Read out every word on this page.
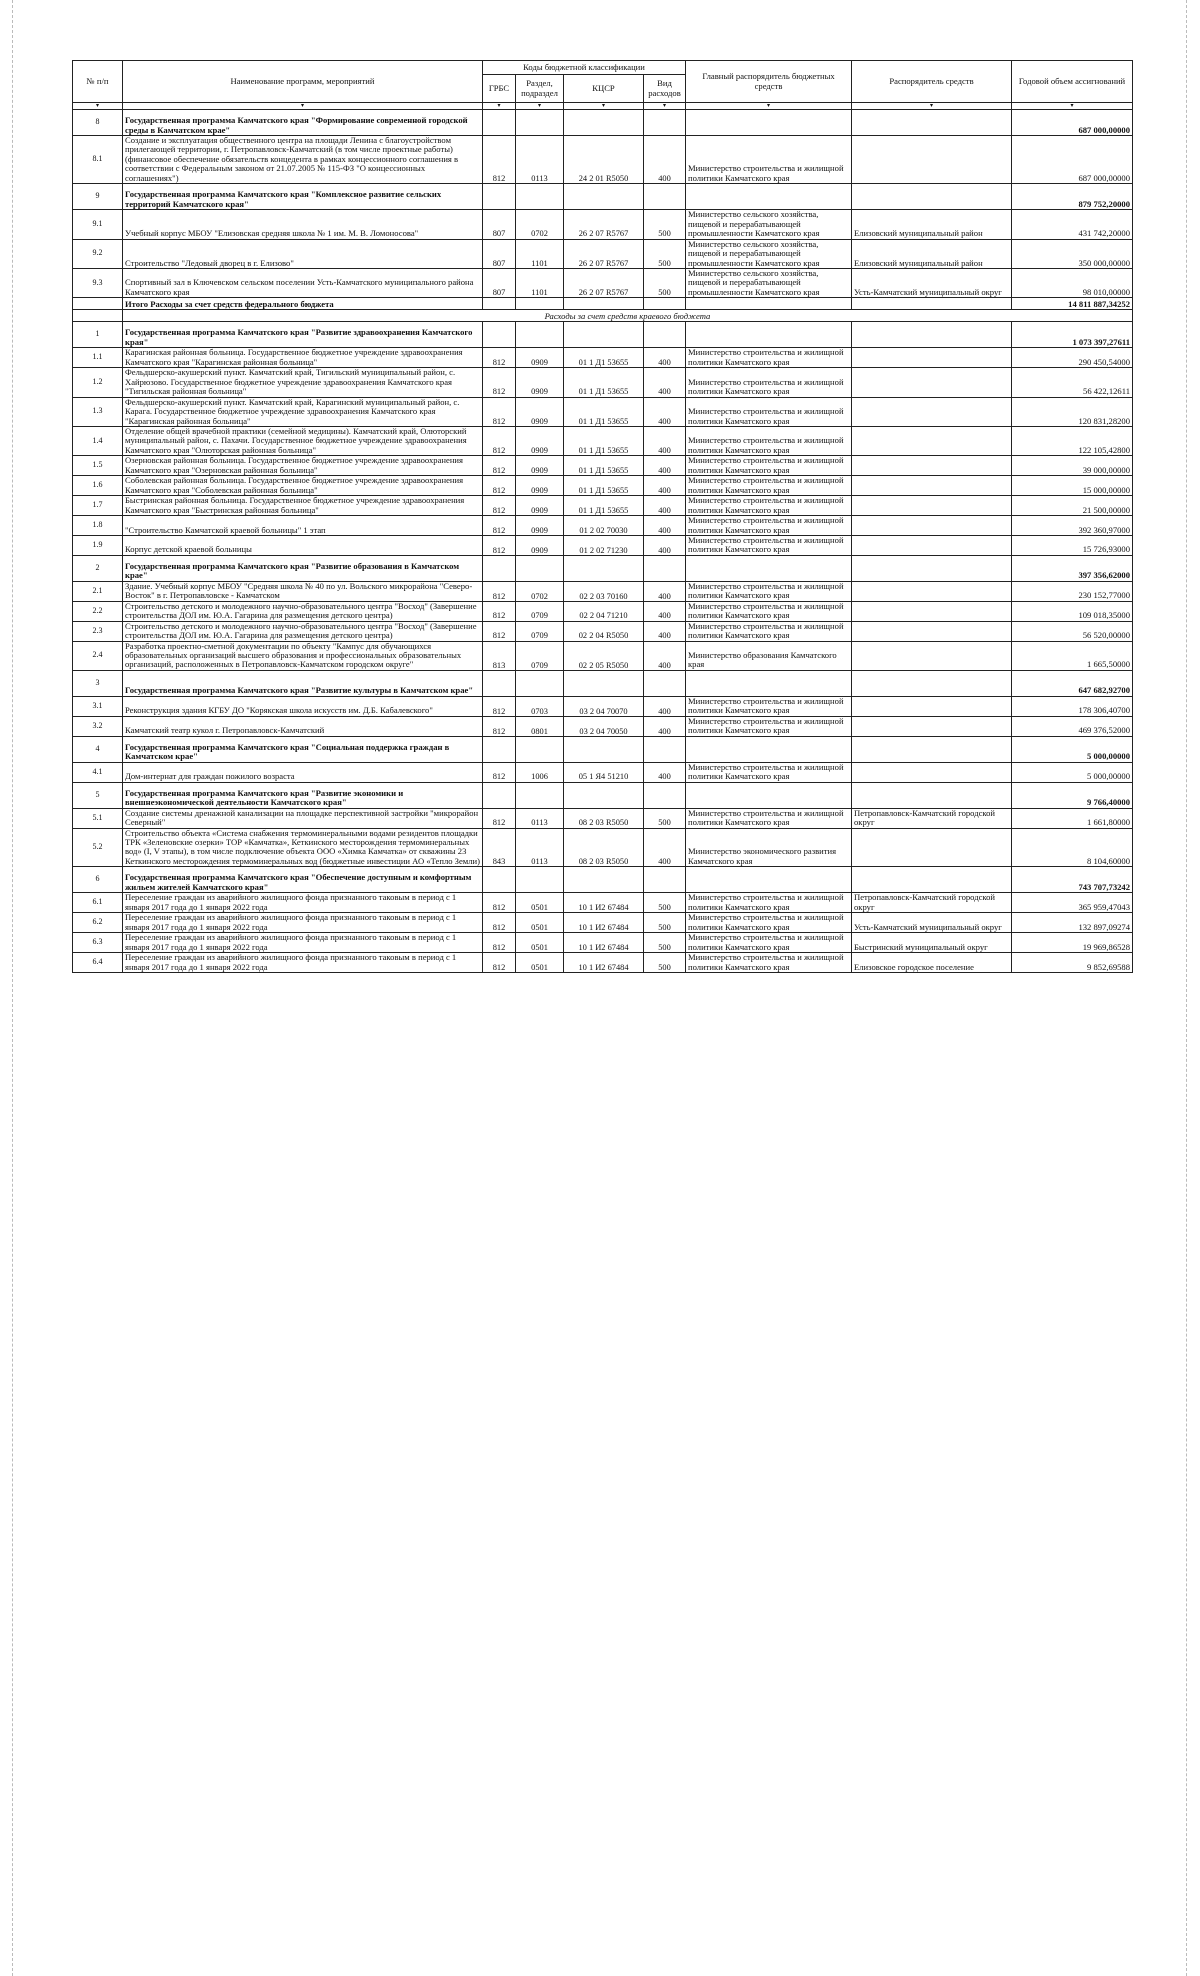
№ п/п	Наименование программ, мероприятий	Коды бюджетной классификации				Главный распорядитель бюджетных средств	Распорядитель средств	Годовой объем ассигнований
		ГРБС	Раздел, подраздел	КЦСР	Вид расходов			
▾	▾	▾	▾	▾	▾	▾	▾	▾
8	Государственная программа Камчатского края "Формирование современной городской среды в Камчатском крае"							687 000,00000
8.1	Создание и эксплуатация общественного центра на площади Ленина с благоустройством прилегающей территории, г. Петропавловск-Камчатский (в том числе проектные работы) (финансовое обеспечение обязательств концедента в рамках концессионного соглашения в соответствии с Федеральным законом от 21.07.2005 № 115-ФЗ "О концессионных соглашениях")	812	0113	24 2 01 R5050	400	Министерство строительства и жилищной политики Камчатского края		687 000,00000
9	Государственная программа Камчатского края "Комплексное развитие сельских территорий Камчатского края"							879 752,20000
9.1	Учебный корпус МБОУ "Елизовская средняя школа № 1 им. М. В. Ломоносова"	807	0702	26 2 07 R5767	500	Министерство сельского хозяйства, пищевой и перерабатывающей промышленности Камчатского края	Елизовский муниципальный район	431 742,20000
9.2	Строительство "Ледовый дворец в г. Елизово"	807	1101	26 2 07 R5767	500	Министерство сельского хозяйства, пищевой и перерабатывающей промышленности Камчатского края	Елизовский муниципальный район	350 000,00000
9.3	Спортивный зал в Ключевском сельском поселении Усть-Камчатского муниципального района Камчатского края	807	1101	26 2 07 R5767	500	Министерство сельского хозяйства, пищевой и перерабатывающей промышленности Камчатского края	Усть-Камчатский муниципальный округ	98 010,00000
	Итого Расходы за счет средств федерального бюджета							14 811 887,34252
	Расходы за счет средств краевого бюджета							
1	Государственная программа Камчатского края "Развитие здравоохранения Камчатского края"							1 073 397,27611
1.1	Карагинская районная больница. Государственное бюджетное учреждение здравоохранения Камчатского края "Карагинская районная больница"	812	0909	01 1 Д1 53655	400	Министерство строительства и жилищной политики Камчатского края		290 450,54000
1.2	Фельдшерско-акушерский пункт. Камчатский край, Тигильский муниципальный район, с. Хайрюзово. Государственное бюджетное учреждение здравоохранения Камчатского края "Тигильская районная больница"	812	0909	01 1 Д1 53655	400	Министерство строительства и жилищной политики Камчатского края		56 422,12611
1.3	Фельдшерско-акушерский пункт. Камчатский край, Карагинский муниципальный район, с. Карага. Государственное бюджетное учреждение здравоохранения Камчатского края "Карагинская районная больница"	812	0909	01 1 Д1 53655	400	Министерство строительства и жилищной политики Камчатского края		120 831,28200
1.4	Отделение общей врачебной практики (семейной медицины). Камчатский край, Олюторский муниципальный район, с. Пахачи. Государственное бюджетное учреждение здравоохранения Камчатского края "Олюторская районная больница"	812	0909	01 1 Д1 53655	400	Министерство строительства и жилищной политики Камчатского края		122 105,42800
1.5	Озерновская районная больница. Государственное бюджетное учреждение здравоохранения Камчатского края "Озерновская районная больница"	812	0909	01 1 Д1 53655	400	Министерство строительства и жилищной политики Камчатского края		39 000,00000
1.6	Соболевская районная больница. Государственное бюджетное учреждение здравоохранения Камчатского края "Соболевская районная больница"	812	0909	01 1 Д1 53655	400	Министерство строительства и жилищной политики Камчатского края		15 000,00000
1.7	Быстринская районная больница. Государственное бюджетное учреждение здравоохранения Камчатского края "Быстринская районная больница"	812	0909	01 1 Д1 53655	400	Министерство строительства и жилищной политики Камчатского края		21 500,00000
1.8	"Строительство Камчатской краевой больницы" 1 этап	812	0909	01 2 02 70030	400	Министерство строительства и жилищной политики Камчатского края		392 360,97000
1.9	Корпус детской краевой больницы	812	0909	01 2 02 71230	400	Министерство строительства и жилищной политики Камчатского края		15 726,93000
2	Государственная программа Камчатского края "Развитие образования в Камчатском крае"							397 356,62000
2.1	Здание. Учебный корпус МБОУ "Средняя школа № 40 по ул. Вольского микрорайона "Северо-Восток" в г. Петропавловске - Камчатском	812	0702	02 2 03 70160	400	Министерство строительства и жилищной политики Камчатского края		230 152,77000
2.2	Строительство детского и молодежного научно-образовательного центра "Восход" (Завершение строительства ДОЛ им. Ю.А. Гагарина для размещения детского центра)	812	0709	02 2 04 71210	400	Министерство строительства и жилищной политики Камчатского края		109 018,35000
2.3	Строительство детского и молодежного научно-образовательного центра "Восход" (Завершение строительства ДОЛ им. Ю.А. Гагарина для размещения детского центра)	812	0709	02 2 04 R5050	400	Министерство строительства и жилищной политики Камчатского края		56 520,00000
2.4	Разработка проектно-сметной документации по объекту "Кампус для обучающихся образовательных организаций высшего образования и профессиональных образовательных организаций, расположенных в Петропавловск-Камчатском городском округе"	813	0709	02 2 05 R5050	400	Министерство образования Камчатского края		1 665,50000
3	Государственная программа Камчатского края "Развитие культуры в Камчатском крае"							647 682,92700
3.1	Реконструкция здания КГБУ ДО "Корякская школа искусств им. Д.Б. Кабалевского"	812	0703	03 2 04 70070	400	Министерство строительства и жилищной политики Камчатского края		178 306,40700
3.2	Камчатский театр кукол г. Петропавловск-Камчатский	812	0801	03 2 04 70050	400	Министерство строительства и жилищной политики Камчатского края		469 376,52000
4	Государственная программа Камчатского края "Социальная поддержка граждан в Камчатском крае"							5 000,00000
4.1	Дом-интернат для граждан пожилого возраста	812	1006	05 1 Я4 51210	400	Министерство строительства и жилищной политики Камчатского края		5 000,00000
5	Государственная программа Камчатского края "Развитие экономики и внешнеэкономической деятельности Камчатского края"							9 766,40000
5.1	Создание системы дренажной канализации на площадке перспективной застройки "микрорайон Северный"	812	0113	08 2 03 R5050	500	Министерство строительства и жилищной политики Камчатского края	Петропавловск-Камчатский городской округ	1 661,80000
5.2	Строительство объекта «Система снабжения термоминеральными водами резидентов площадки ТРК «Зеленовские озерки» ТОР «Камчатка», Кеткинского месторождения термоминеральных вод» (I, V этапы), в том числе подключение объекта ООО «Химка Камчатка» от скважины 23 Кеткинского месторождения термоминеральных вод (бюджетные инвестиции АО «Тепло Земли)	843	0113	08 2 03 R5050	400	Министерство экономического развития Камчатского края		8 104,60000
6	Государственная программа Камчатского края "Обеспечение доступным и комфортным жильем жителей Камчатского края"							743 707,73242
6.1	Переселение граждан из аварийного жилищного фонда признанного таковым в период с 1 января 2017 года до 1 января 2022 года	812	0501	10 1 И2 67484	500	Министерство строительства и жилищной политики Камчатского края	Петропавловск-Камчатский городской округ	365 959,47043
6.2	Переселение граждан из аварийного жилищного фонда признанного таковым в период с 1 января 2017 года до 1 января 2022 года	812	0501	10 1 И2 67484	500	Министерство строительства и жилищной политики Камчатского края	Усть-Камчатский муниципальный округ	132 897,09274
6.3	Переселение граждан из аварийного жилищного фонда признанного таковым в период с 1 января 2017 года до 1 января 2022 года	812	0501	10 1 И2 67484	500	Министерство строительства и жилищной политики Камчатского края	Быстринский муниципальный округ	19 969,86528
6.4	Переселение граждан из аварийного жилищного фонда признанного таковым в период с 1 января 2017 года до 1 января 2022 года	812	0501	10 1 И2 67484	500	Министерство строительства и жилищной политики Камчатского края	Елизовское городское поселение	9 852,69588
